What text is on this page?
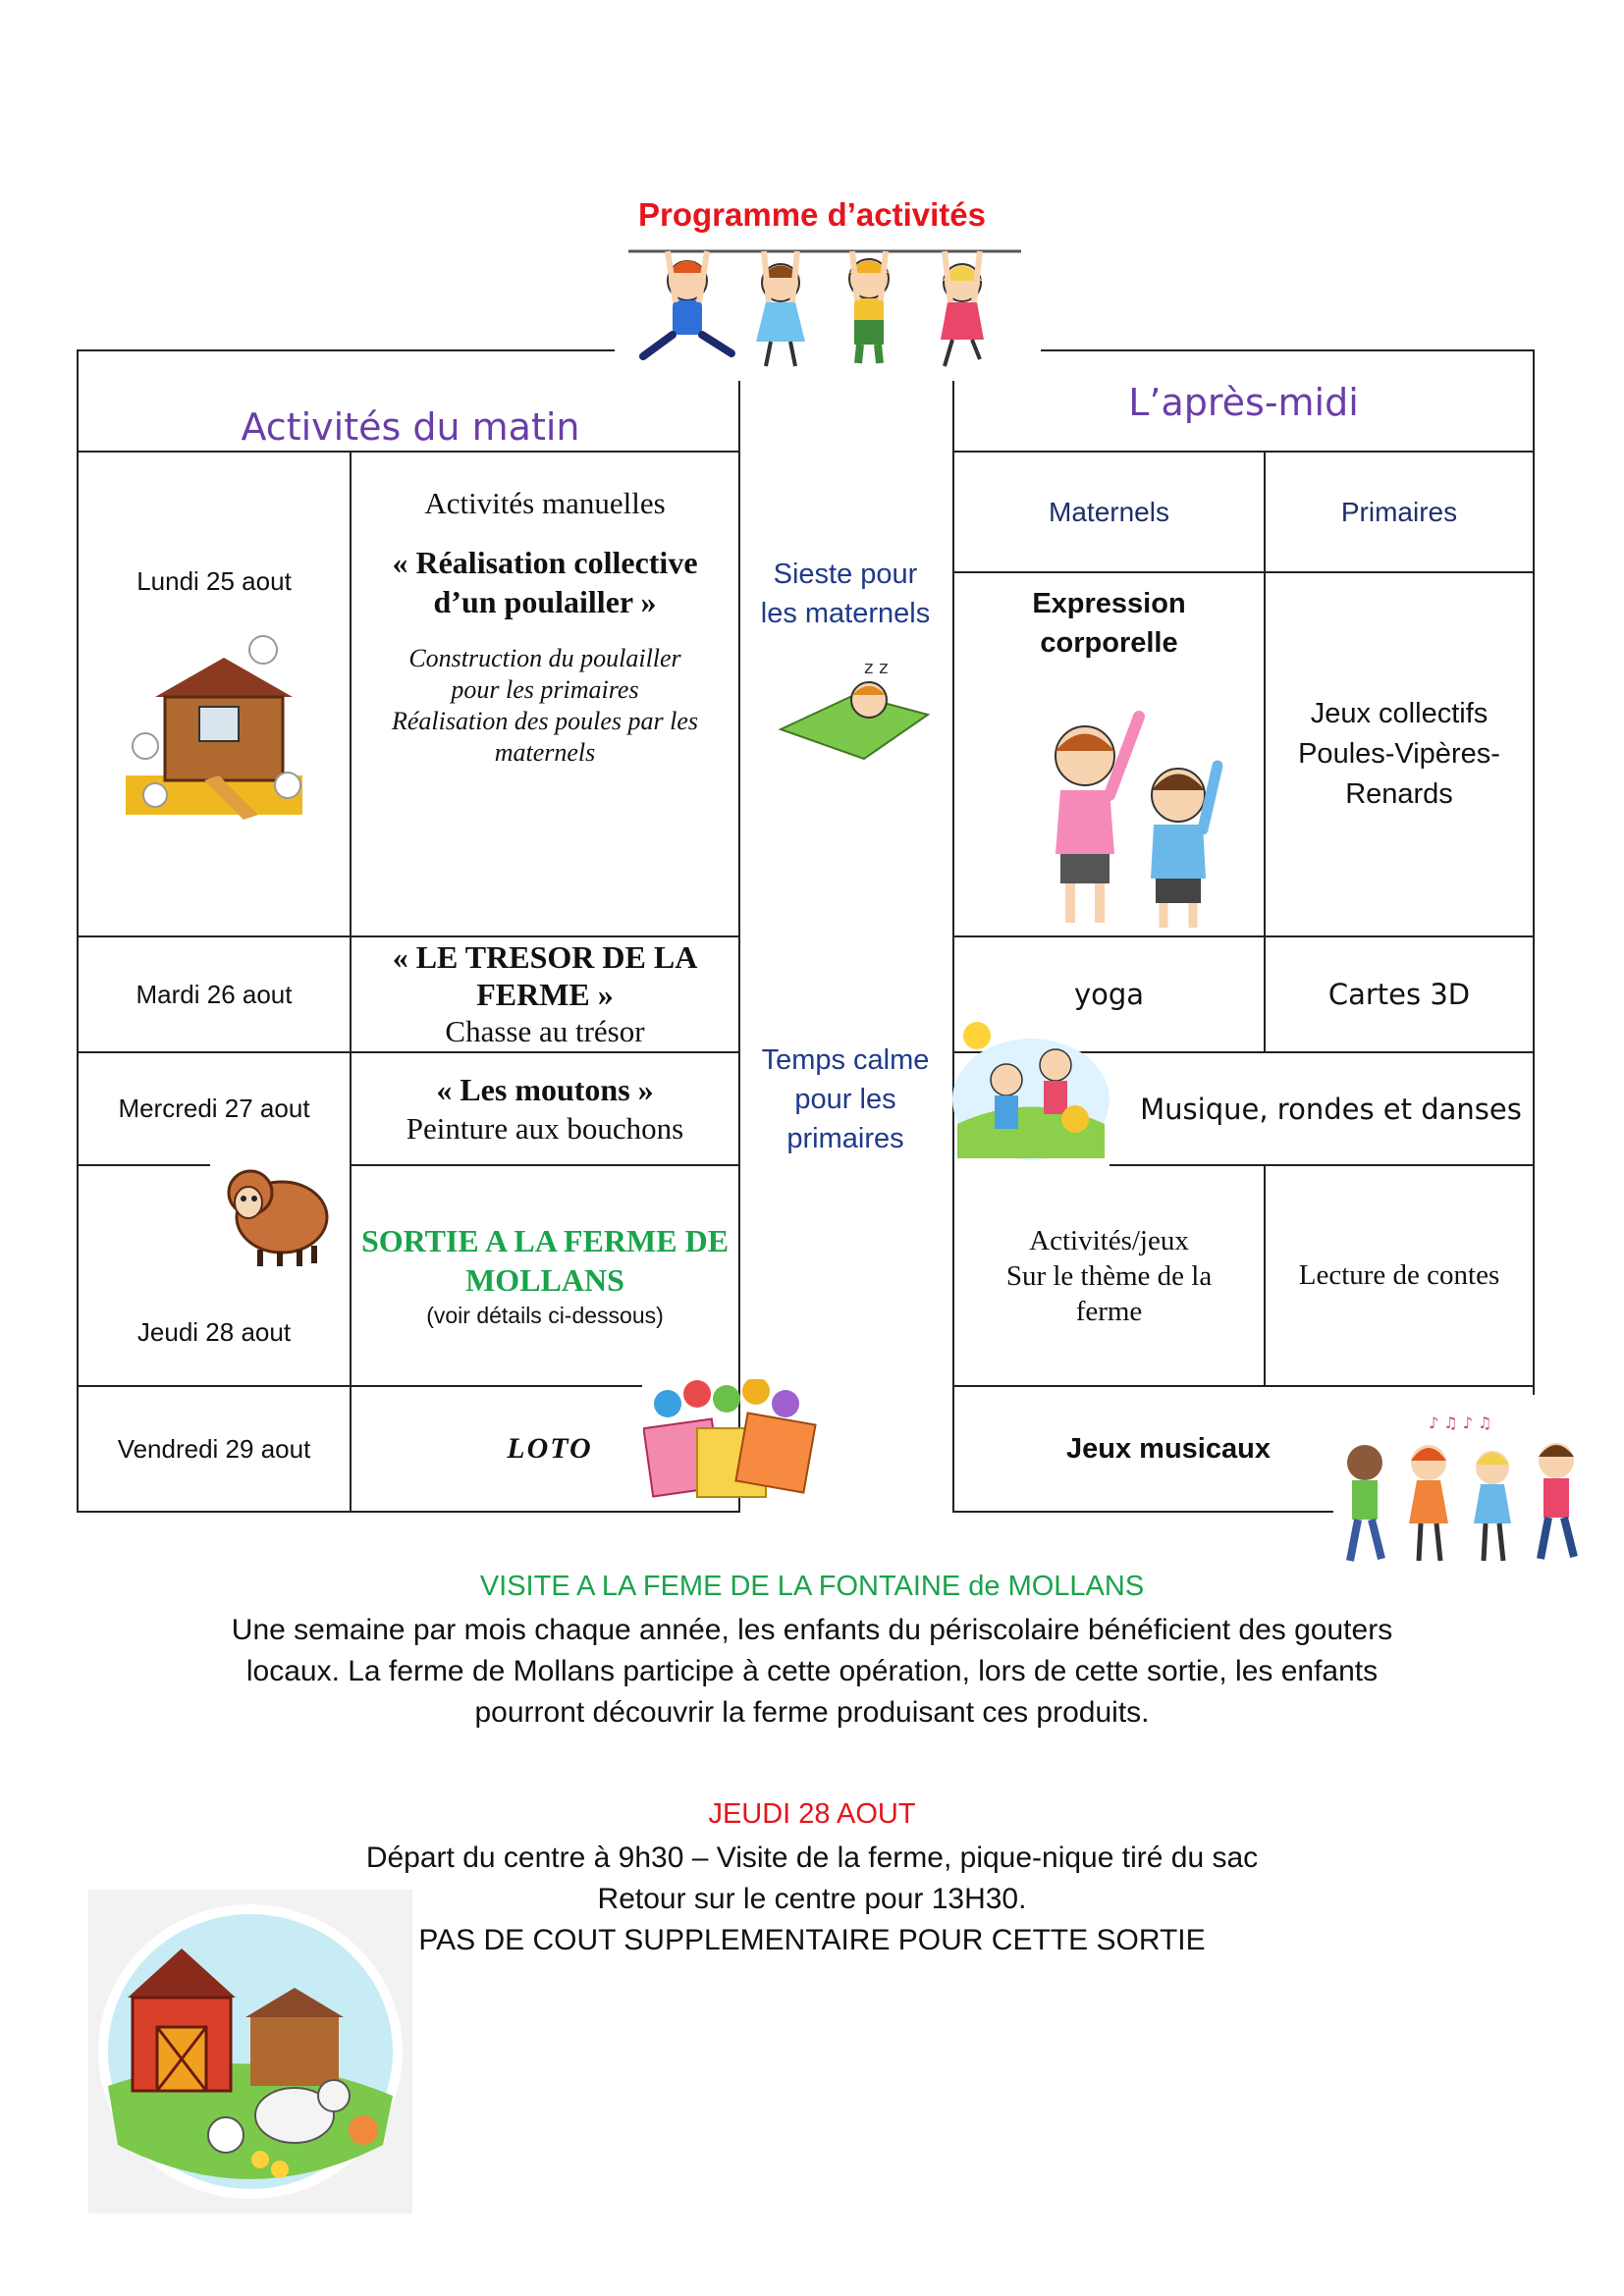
Programme d’activités
Activités du matin
L’après-midi
Maternels	Primaires
Lundi 25 aout
Mardi 26 aout
Mercredi 27 aout
Jeudi 28 aout
Vendredi 29 aout

Activités manuelles

« Réalisation collective

d’un poulailler »

Construction du poulailler

pour les primaires

Réalisation des poules par les

maternels

« LE TRESOR DE LA

FERME »

Chasse au trésor

« Les moutons »

Peinture aux bouchons

SORTIE A LA FERME DE

MOLLANS

(voir détails ci-dessous)

LOTO

Sieste pour les maternels
Temps calme pour les primaires

Expression

corporelle

Jeux collectifs

Poules-Vipères-

Renards

yoga	Cartes 3D
Musique, rondes et danses

Activités/jeux

Sur le thème de la

ferme

Lecture de contes
Jeux musicaux
z z
♪ ♫ ♪ ♫
VISITE A LA FEME DE LA FONTAINE de MOLLANS

Une semaine par mois chaque année, les enfants du périscolaire bénéficient des gouters

locaux. La ferme de Mollans participe à cette opération, lors de cette sortie, les enfants

pourront découvrir la ferme produisant ces produits.

JEUDI 28 AOUT

Départ du centre à 9h30 – Visite de la ferme, pique-nique tiré du sac

Retour sur le centre pour 13H30.

PAS DE COUT SUPPLEMENTAIRE POUR CETTE SORTIE
